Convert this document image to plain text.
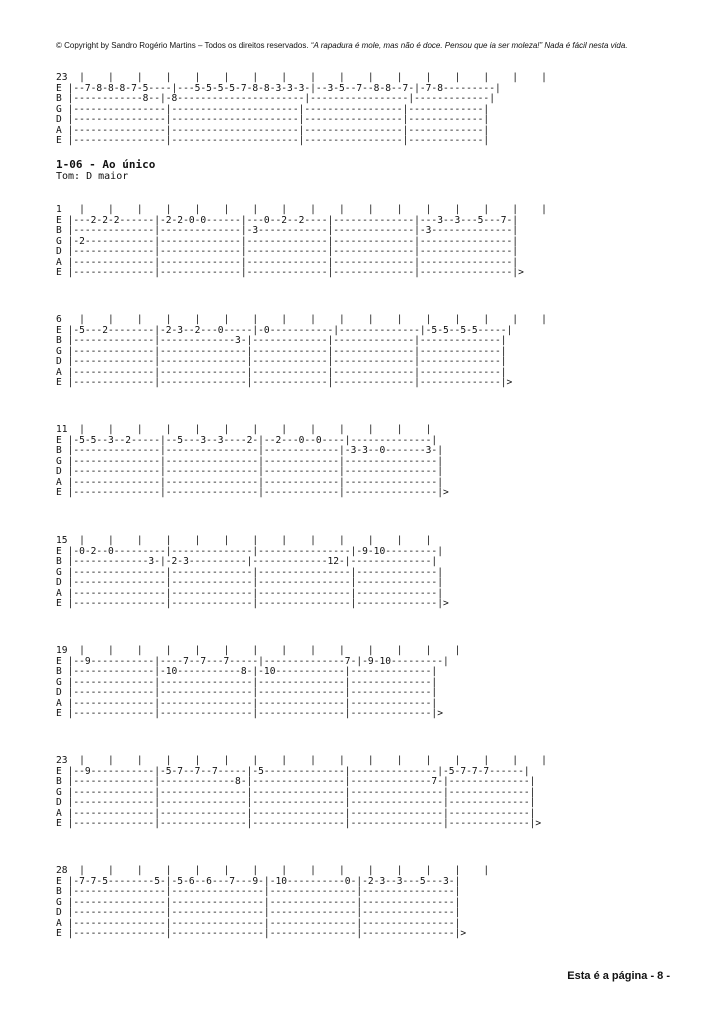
© Copyright by Sandro Rogério Martins – Todos os direitos reservados. “A rapadura é mole, mas não é doce. Pensou que ia ser moleza!” Nada é fácil nesta vida.
23  |    |    |    |    |    |    |    |    |    |    |    |    |    |    |    |    |
E |--7-8-8-8-7-5----|---5-5-5-5-7-8-8-3-3-3-|--3-5--7--8-8--7-|-7-8---------|
B |------------8--|-8----------------------|-----------------|-------------|
G |----------------|----------------------|-----------------|-------------|
D |----------------|----------------------|-----------------|-------------|
A |----------------|----------------------|-----------------|-------------|
E |----------------|----------------------|-----------------|-------------|
1-06 - Ao único
Tom: D maior
1   |    |    |    |    |    |    |    |    |    |    |    |    |    |    |    |    |
E |---2-2-2------|-2-2-0-0------|---0--2--2----|--------------|---3--3---5---7-|
B |--------------|--------------|-3------------|--------------|-3--------------|
G |-2------------|--------------|--------------|--------------|----------------|
D |--------------|--------------|--------------|--------------|----------------|
A |--------------|--------------|--------------|--------------|----------------|
E |--------------|--------------|--------------|--------------|----------------|>
6   |    |    |    |    |    |    |    |    |    |    |    |    |    |    |    |    |
E |-5---2--------|-2-3--2---0-----|-0-----------|--------------|-5-5--5-5-----|
B |--------------|-------------3-|-------------|--------------|--------------|
G |--------------|---------------|-------------|--------------|--------------|
D |--------------|---------------|-------------|--------------|--------------|
A |--------------|---------------|-------------|--------------|--------------|
E |--------------|---------------|-------------|--------------|--------------|>
11  |    |    |    |    |    |    |    |    |    |    |    |    |
E |-5-5--3--2-----|--5---3--3----2-|--2---0--0----|--------------|
B |---------------|----------------|-------------|-3-3--0-------3-|
G |---------------|----------------|-------------|----------------|
D |---------------|----------------|-------------|----------------|
A |---------------|----------------|-------------|----------------|
E |---------------|----------------|-------------|----------------|>
15  |    |    |    |    |    |    |    |    |    |    |    |    |
E |-0-2--0---------|--------------|----------------|-9-10---------|
B |-------------3-|-2-3----------|-------------12-|--------------|
G |----------------|--------------|----------------|--------------|
D |----------------|--------------|----------------|--------------|
A |----------------|--------------|----------------|--------------|
E |----------------|--------------|----------------|--------------|>
19  |    |    |    |    |    |    |    |    |    |    |    |    |    |
E |--9-----------|----7--7---7-----|--------------7-|-9-10---------|
B |--------------|-10-----------8-|-10------------|--------------|
G |--------------|----------------|---------------|--------------|
D |--------------|----------------|---------------|--------------|
A |--------------|----------------|---------------|--------------|
E |--------------|----------------|---------------|--------------|>
23  |    |    |    |    |    |    |    |    |    |    |    |    |    |    |    |    |
E |--9-----------|-5-7--7--7-----|-5--------------|---------------|-5-7-7-7------|
B |--------------|-------------8-|----------------|--------------7-|--------------|
G |--------------|---------------|----------------|----------------|--------------|
D |--------------|---------------|----------------|----------------|--------------|
A |--------------|---------------|----------------|----------------|--------------|
E |--------------|---------------|----------------|----------------|--------------|>
28  |    |    |    |    |    |    |    |    |    |    |    |    |    |    |
E |-7-7-5--------5-|-5-6--6---7---9-|-10----------0-|-2-3--3---5---3-|
B |----------------|----------------|---------------|----------------|
G |----------------|----------------|---------------|----------------|
D |----------------|----------------|---------------|----------------|
A |----------------|----------------|---------------|----------------|
E |----------------|----------------|---------------|----------------|>
Esta é a página - 8 -
